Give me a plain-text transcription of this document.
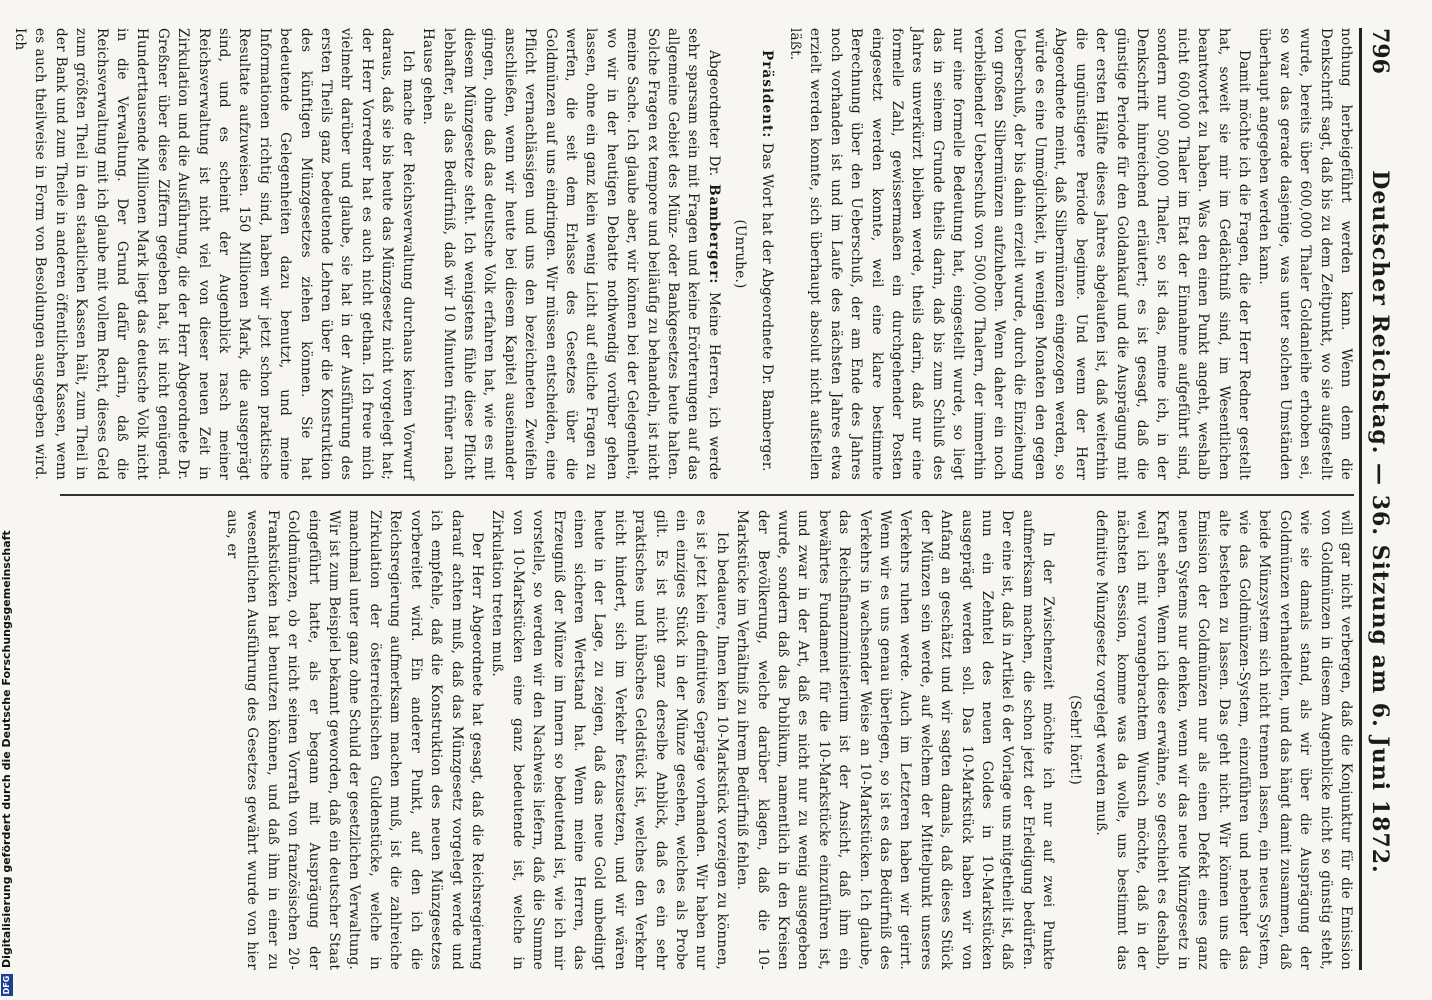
796
Deutscher Reichstag. — 36. Sitzung am 6. Juni 1872.

nothung herbeigeführt werden kann. Wenn denn die Denkschrift sagt, daß bis zu dem Zeitpunkt, wo sie aufgestellt wurde, bereits über 600,000 Thaler Goldanleihe erhoben sei, so war das gerade dasjenige, was unter solchen Umständen überhaupt angegeben werden kann.

Damit möchte ich die Fragen, die der Herr Redner gestellt hat, soweit sie mir im Gedächtniß sind, im Wesentlichen beantwortet zu haben. Was den einen Punkt angeht, weshalb nicht 600,000 Thaler im Etat der Einnahme aufgeführt sind, sondern nur 500,000 Thaler, so ist das, meine ich, in der Denkschrift hinreichend erläutert; es ist gesagt, daß die günstige Periode für den Goldankauf und die Ausprägung mit der ersten Hälfte dieses Jahres abgelaufen ist, daß weiterhin die ungünstigere Periode beginne. Und wenn der Herr Abgeordnete meint, daß Silbermünzen eingezogen werden, so würde es eine Unmöglichkeit, in wenigen Monaten den gegen Ueberschuß, der bis dahin erzielt wurde, durch die Einziehung von großen Silbermünzen aufzuheben. Wenn daher ein noch verbleibender Ueberschuß von 500,000 Thalern, der immerhin nur eine formelle Bedeutung hat, eingestellt wurde, so liegt das in seinem Grunde theils darin, daß bis zum Schluß des Jahres unverkürzt bleiben werde, theils darin, daß nur eine formelle Zahl, gewissermaßen ein durchgehender Posten eingesetzt werden konnte, weil eine klare bestimmte Berechnung über den Ueberschuß, der am Ende des Jahres noch vorhanden ist und im Laufe des nächsten Jahres etwa erzielt werden konnte, sich überhaupt absolut nicht aufstellen läßt.

Präsident: Das Wort hat der Abgeordnete Dr. Bamberger.

(Unruhe.)

Abgeordneter Dr. Bamberger: Meine Herren, ich werde sehr sparsam sein mit Fragen und keine Erörterungen auf das allgemeine Gebiet des Münz- oder Bankgesetzes heute halten. Solche Fragen ex tempore und beiläufig zu behandeln, ist nicht meine Sache. Ich glaube aber, wir können bei der Gelegenheit, wo wir in der heutigen Debatte nothwendig vorüber gehen lassen, ohne ein ganz klein wenig Licht auf etliche Fragen zu werfen, die seit dem Erlasse des Gesetzes über die Goldmünzen auf uns eindringen. Wir müssen entscheiden, eine Pflicht vernachlässigen und uns den bezeichneten Zweifeln anschließen, wenn wir heute bei diesem Kapitel auseinander gingen, ohne daß das deutsche Volk erfahren hat, wie es mit diesem Münzgesetze steht. Ich wenigstens fühle diese Pflicht lebhafter, als das Bedürfniß, daß wir 10 Minuten früher nach Hause gehen.

Ich mache der Reichsverwaltung durchaus keinen Vorwurf daraus, daß sie bis heute das Münzgesetz nicht vorgelegt hat; der Herr Vorredner hat es auch nicht gethan. Ich freue mich vielmehr darüber und glaube, sie hat in der Ausführung des ersten Theils ganz bedeutende Lehren über die Konstruktion des künftigen Münzgesetzes ziehen können. Sie hat bedeutende Gelegenheiten dazu benutzt, und meine Informationen richtig sind, haben wir jetzt schon praktische Resultate aufzuweisen. 150 Millionen Mark, die ausgeprägt sind, und es scheint der Augenblick rasch meiner Reichsverwaltung ist nicht viel von dieser neuen Zeit in Zirkulation und die Ausführung, die der Herr Abgeordnete Dr. Greßner über diese Ziffern gegeben hat, ist nicht genügend. Hunderttausende Millionen Mark liegt das deutsche Volk nicht in die Verwaltung. Der Grund dafür darin, daß die Reichsverwaltung mit ich glaube mit vollem Recht, dieses Geld zum größten Theil in den staatlichen Kassen hält, zum Theil in der Bank und zum Theile in anderen öffentlichen Kassen, wenn es auch theilweise in Form von Besoldungen ausgegeben wird. Ich

will gar nicht verbergen, daß die Konjunktur für die Emission von Goldmünzen in diesem Augenblicke nicht so günstig steht, wie sie damals stand, als wir über die Ausprägung der Goldmünzen verhandelten, und das hängt damit zusammen, daß beide Münzsystem sich nicht trennen lassen, ein neues System, wie das Goldmünzen-System, einzuführen und nebenher das alte bestehen zu lassen. Das geht nicht. Wir können uns die Emission der Goldmünzen nur als einen Defekt eines ganz neuen Systems nur denken, wenn wir das neue Münzgesetz in Kraft sehen. Wenn ich diese erwähne, so geschieht es deshalb, weil ich mit vorangebrachtem Wunsch möchte, daß in der nächsten Session, komme was da wolle, uns bestimmt das definitive Münzgesetz vorgelegt werden muß.

(Sehr! hört!)

In der Zwischenzeit möchte ich nur auf zwei Punkte aufmerksam machen, die schon jetzt der Erledigung bedürfen. Der eine ist, daß in Artikel 6 der Vorlage uns mitgetheilt ist, daß nun ein Zehntel des neuen Goldes in 10-Markstücken ausgeprägt werden soll. Das 10-Markstück haben wir von Anfang an geschätzt und wir sagten damals, daß dieses Stück der Münzen sein werde, auf welchem der Mittelpunkt unseres Verkehrs ruhen werde. Auch im Letzteren haben wir geirrt. Wenn wir es uns genau überlegen, so ist es das Bedürfniß des Verkehrs in wachsender Weise an 10-Markstücken. Ich glaube, das Reichsfinanzministerium ist der Ansicht, daß ihm ein bewährtes Fundament für die 10-Markstücke einzuführen ist, und zwar in der Art, daß es nicht nur zu wenig ausgegeben wurde, sondern daß das Publikum, namentlich in den Kreisen der Bevölkerung, welche darüber klagen, daß die 10-Markstücke im Verhältniß zu ihrem Bedürfniß fehlen.

Ich bedauere, Ihnen kein 10-Markstück vorzeigen zu können, es ist jetzt kein definitives Gepräge vorhanden. Wir haben nur ein einziges Stück in der Münze gesehen, welches als Probe gilt. Es ist nicht ganz derselbe Anblick, daß es ein sehr praktisches und hübsches Geldstück ist, welches den Verkehr nicht hindert, sich im Verkehr festzusetzen, und wir wären heute in der Lage, zu zeigen, daß das neue Gold unbedingt einen sicheren Wertstand hat. Wenn meine Herren, das Erzeugniß der Münze im Innern so bedeutend ist, wie ich mir vorstelle, so werden wir den Nachweis liefern, daß die Summe von 10-Markstücken eine ganz bedeutende ist, welche in Zirkulation treten muß.

Der Herr Abgeordnete hat gesagt, daß die Reichsregierung darauf achten muß, daß das Münzgesetz vorgelegt werde und ich empfehle, daß die Konstruktion des neuen Münzgesetzes vorbereitet wird. Ein anderer Punkt, auf den ich die Reichsregierung aufmerksam machen muß, ist die zahlreiche Zirkulation der österreichischen Guldenstücke, welche in manchmal unter ganz ohne Schuld der gesetzlichen Verwaltung. Wir ist zum Beispiel bekannt geworden, daß ein deutscher Staat eingeführt hatte, als er begann mit Ausprägung der Goldmünzen, ob er nicht seinen Vorrath von französischen 20-Frankstücken hat benutzen können, und daß ihm in einer zu wesentlichen Ausführung des Gesetzes gewährt wurde von hier aus, er

DFG
Digitalisierung gefördert durch die Deutsche Forschungsgemeinschaft
